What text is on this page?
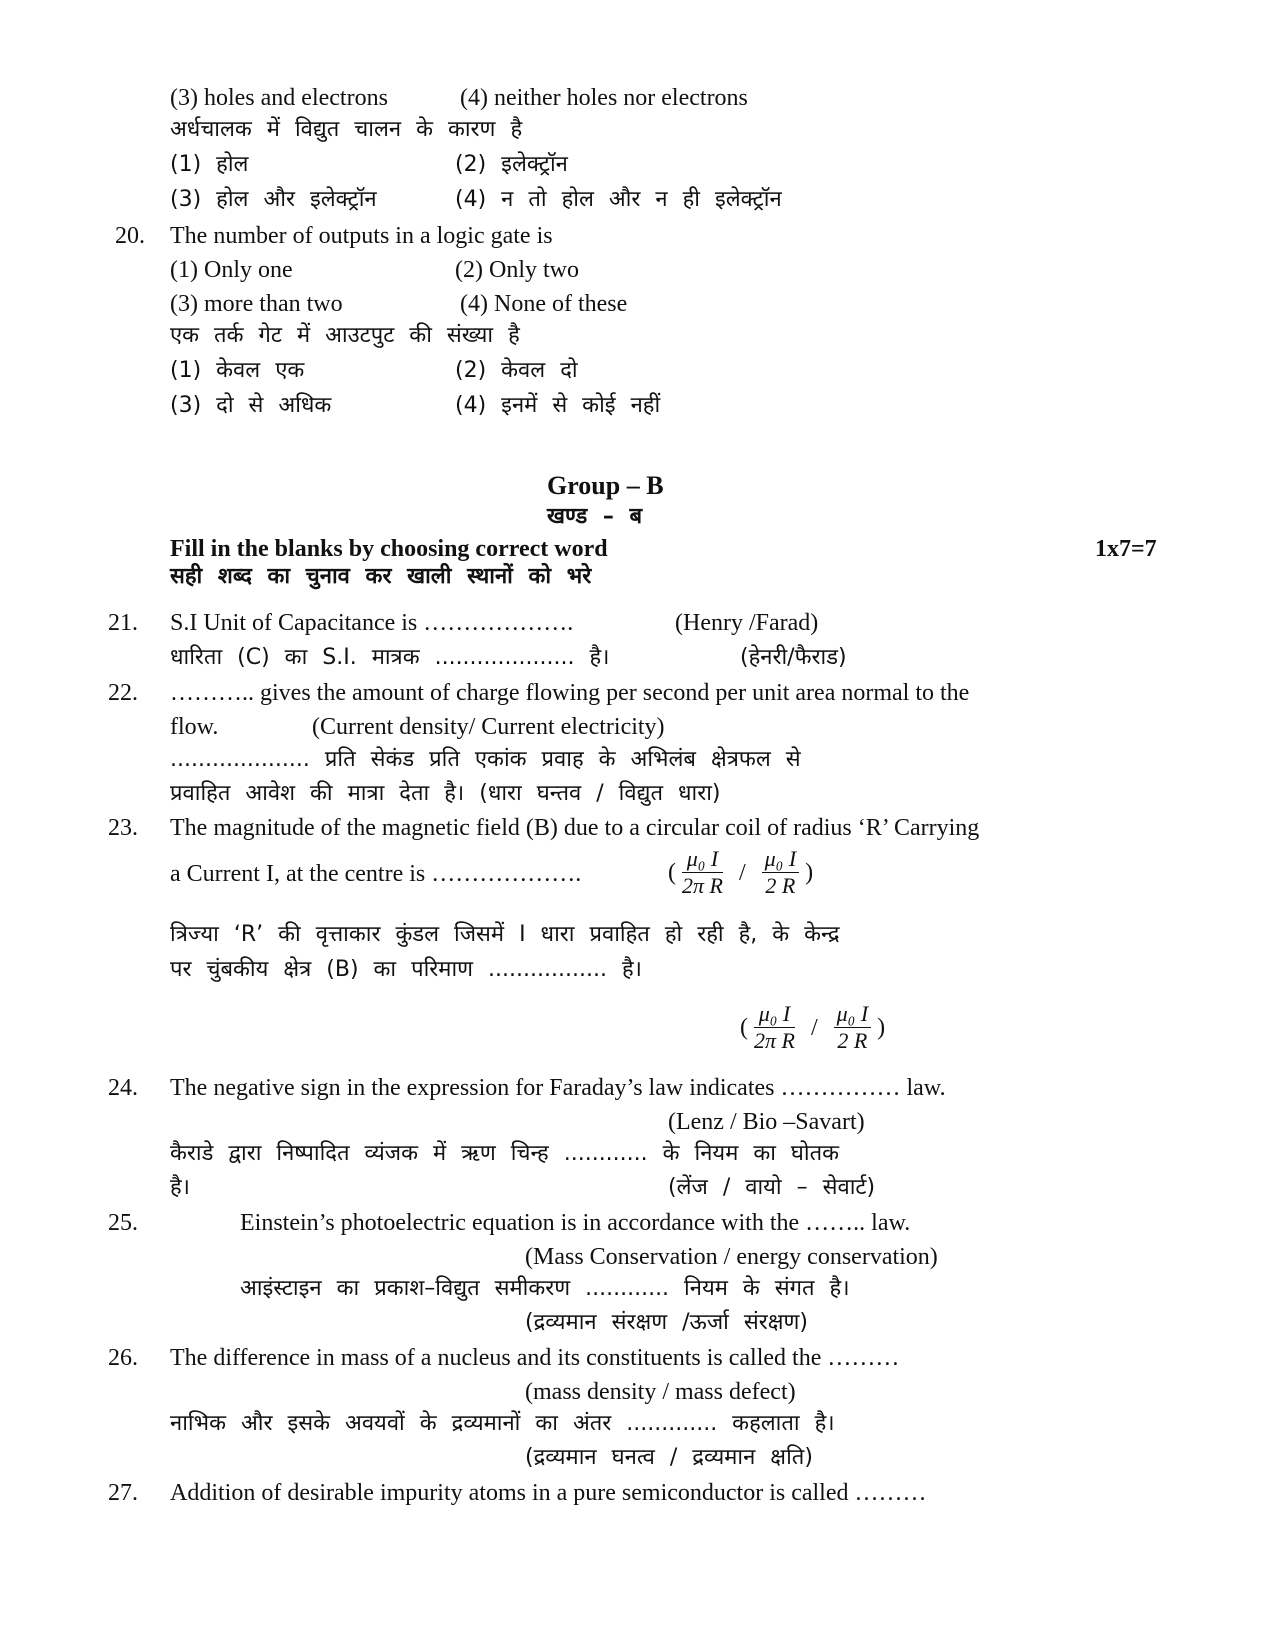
(3) holes and electrons	(4) neither holes nor electrons
अर्धचालक में विद्युत चालन के कारण है
(1) होल	(2) इलेक्ट्रॉन
(3) होल और इलेक्ट्रॉन	(4) न तो होल और न ही इलेक्ट्रॉन
20. The number of outputs in a logic gate is
(1) Only one	(2) Only two
(3) more than two	(4) None of these
एक तर्क गेट में आउटपुट की संख्या है
(1) केवल एक	(2) केवल दो
(3) दो से अधिक	(4) इनमें से कोई नहीं
Group – B
खण्ड – ब
Fill in the blanks by choosing correct word	1x7=7
सही शब्द का चुनाव कर खाली स्थानों को भरे
21. S.I Unit of Capacitance is ……………….	(Henry /Farad)
धारिता (C) का S.I. मात्रक .................... है।	(हेनरी/फैराड)
22. ……….. gives the amount of charge flowing per second per unit area normal to the
flow.	(Current density/ Current electricity)
.................... प्रति सेकंड प्रति एकांक प्रवाह के अभिलंब क्षेत्रफल से
प्रवाहित आवेश की मात्रा देता है। (धारा घन्तव / विद्युत धारा)
23. The magnitude of the magnetic field (B) due to a circular coil of radius ‘R’ Carrying
a Current I, at the centre is ……………….	( $\frac{\text{μ₀ I}}{\text{2π R}} / \frac{\text{μ₀ I}}{2 R}$ )
त्रिज्या ‘R’ की वृत्ताकार कुंडल जिसमें I धारा प्रवाहित हो रही है, के केन्द्र
पर चुंबकीय क्षेत्र (B) का परिमाण ................. है।
( $\frac{\text{μ₀ I}}{\text{2π R}} / \frac{\text{μ₀ I}}{2 R}$ )
24. The negative sign in the expression for Faraday’s law indicates …………… law.
(Lenz / Bio –Savart)
कैराडे द्वारा निष्पादित व्यंजक में ऋण चिन्ह ............ के नियम का घोतक
है।	(लेंज / वायो – सेवार्ट)
25.	Einstein’s photoelectric equation is in accordance with the …….. law.
(Mass Conservation / energy conservation)
आइंस्टाइन का प्रकाश–विद्युत समीकरण ............ नियम के संगत है।
(द्रव्यमान संरक्षण /ऊर्जा संरक्षण)
26. The difference in mass of a nucleus and its constituents is called the ………
(mass density / mass defect)
नाभिक और इसके अवयवों के द्रव्यमानों का अंतर ............. कहलाता है।
(द्रव्यमान घनत्व / द्रव्यमान क्षति)
27. Addition of desirable impurity atoms in a pure semiconductor is called ………
